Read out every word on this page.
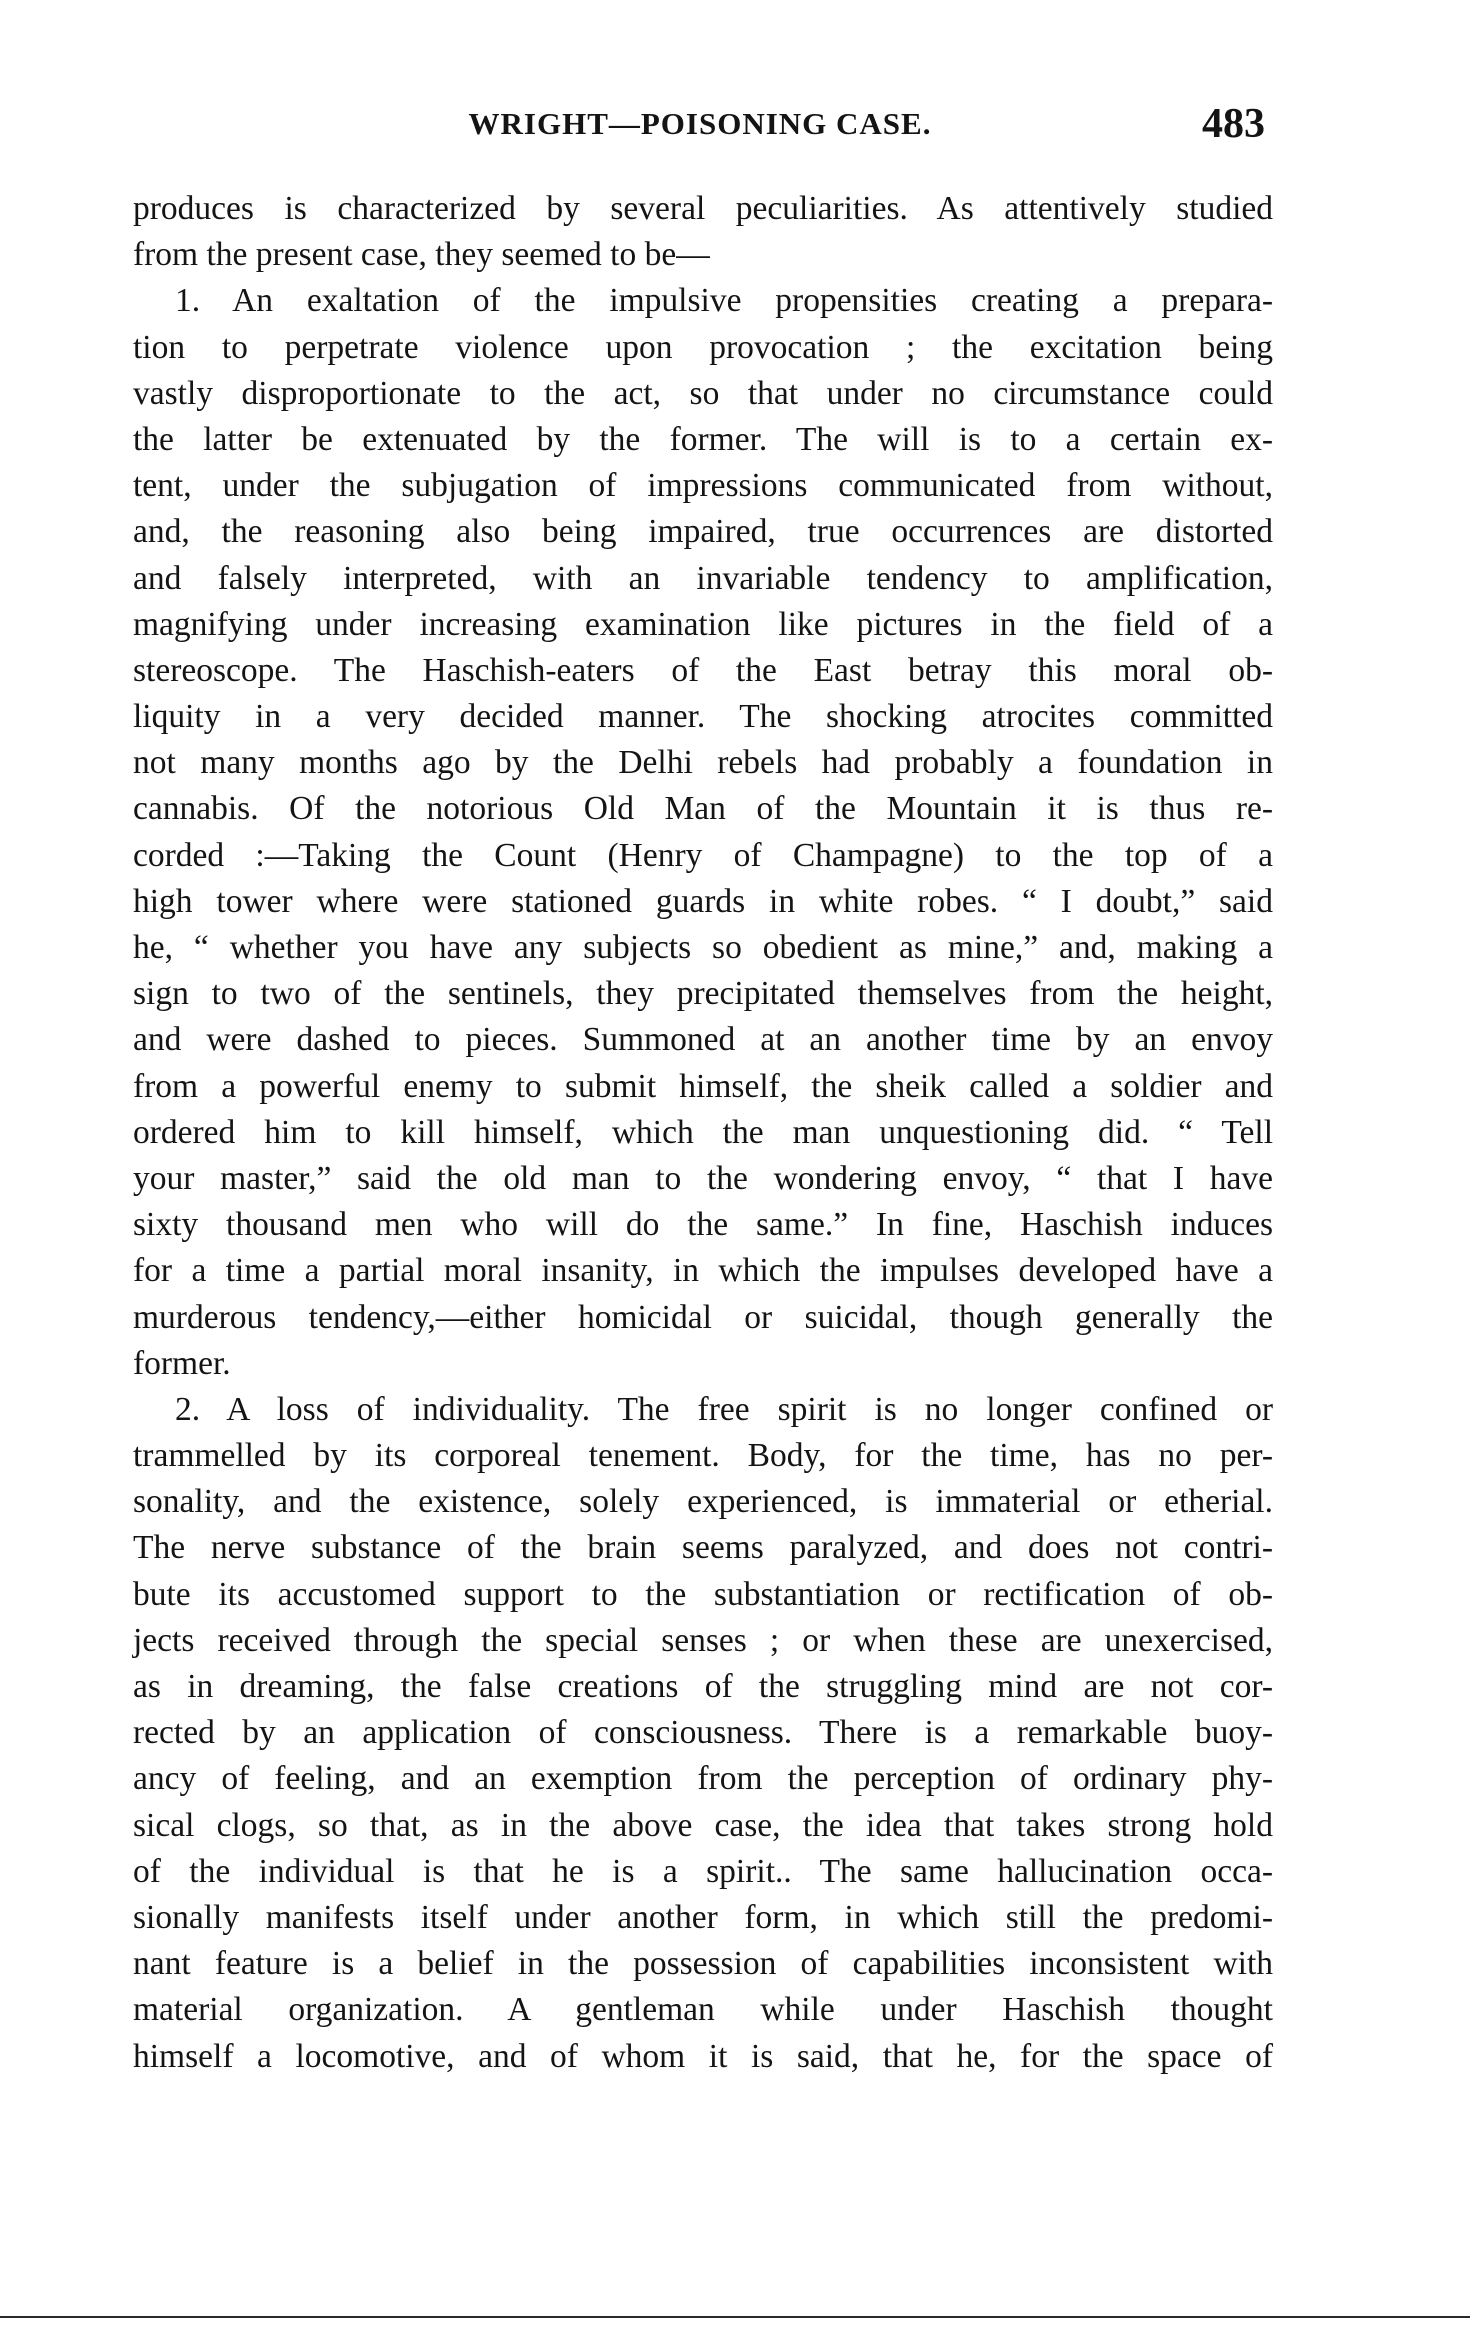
WRIGHT—POISONING CASE.	483
produces is characterized by several peculiarities. As attentively studied
from the present case, they seemed to be—
1. An exaltation of the impulsive propensities creating a prepara-
tion to perpetrate violence upon provocation ; the excitation being
vastly disproportionate to the act, so that under no circumstance could
the latter be extenuated by the former. The will is to a certain ex-
tent, under the subjugation of impressions communicated from without,
and, the reasoning also being impaired, true occurrences are distorted
and falsely interpreted, with an invariable tendency to amplification,
magnifying under increasing examination like pictures in the field of a
stereoscope. The Haschish-eaters of the East betray this moral ob-
liquity in a very decided manner. The shocking atrocites committed
not many months ago by the Delhi rebels had probably a foundation in
cannabis. Of the notorious Old Man of the Mountain it is thus re-
corded :—Taking the Count (Henry of Champagne) to the top of a
high tower where were stationed guards in white robes. “ I doubt,” said
he, “ whether you have any subjects so obedient as mine,” and, making a
sign to two of the sentinels, they precipitated themselves from the height,
and were dashed to pieces. Summoned at an another time by an envoy
from a powerful enemy to submit himself, the sheik called a soldier and
ordered him to kill himself, which the man unquestioning did. “ Tell
your master,” said the old man to the wondering envoy, “ that I have
sixty thousand men who will do the same.” In fine, Haschish induces
for a time a partial moral insanity, in which the impulses developed have a
murderous tendency,—either homicidal or suicidal, though generally the
former.
2. A loss of individuality. The free spirit is no longer confined or
trammelled by its corporeal tenement. Body, for the time, has no per-
sonality, and the existence, solely experienced, is immaterial or etherial.
The nerve substance of the brain seems paralyzed, and does not contri-
bute its accustomed support to the substantiation or rectification of ob-
jects received through the special senses ; or when these are unexercised,
as in dreaming, the false creations of the struggling mind are not cor-
rected by an application of consciousness. There is a remarkable buoy-
ancy of feeling, and an exemption from the perception of ordinary phy-
sical clogs, so that, as in the above case, the idea that takes strong hold
of the individual is that he is a spirit.. The same hallucination occa-
sionally manifests itself under another form, in which still the predomi-
nant feature is a belief in the possession of capabilities inconsistent with
material organization. A gentleman while under Haschish thought
himself a locomotive, and of whom it is said, that he, for the space of
